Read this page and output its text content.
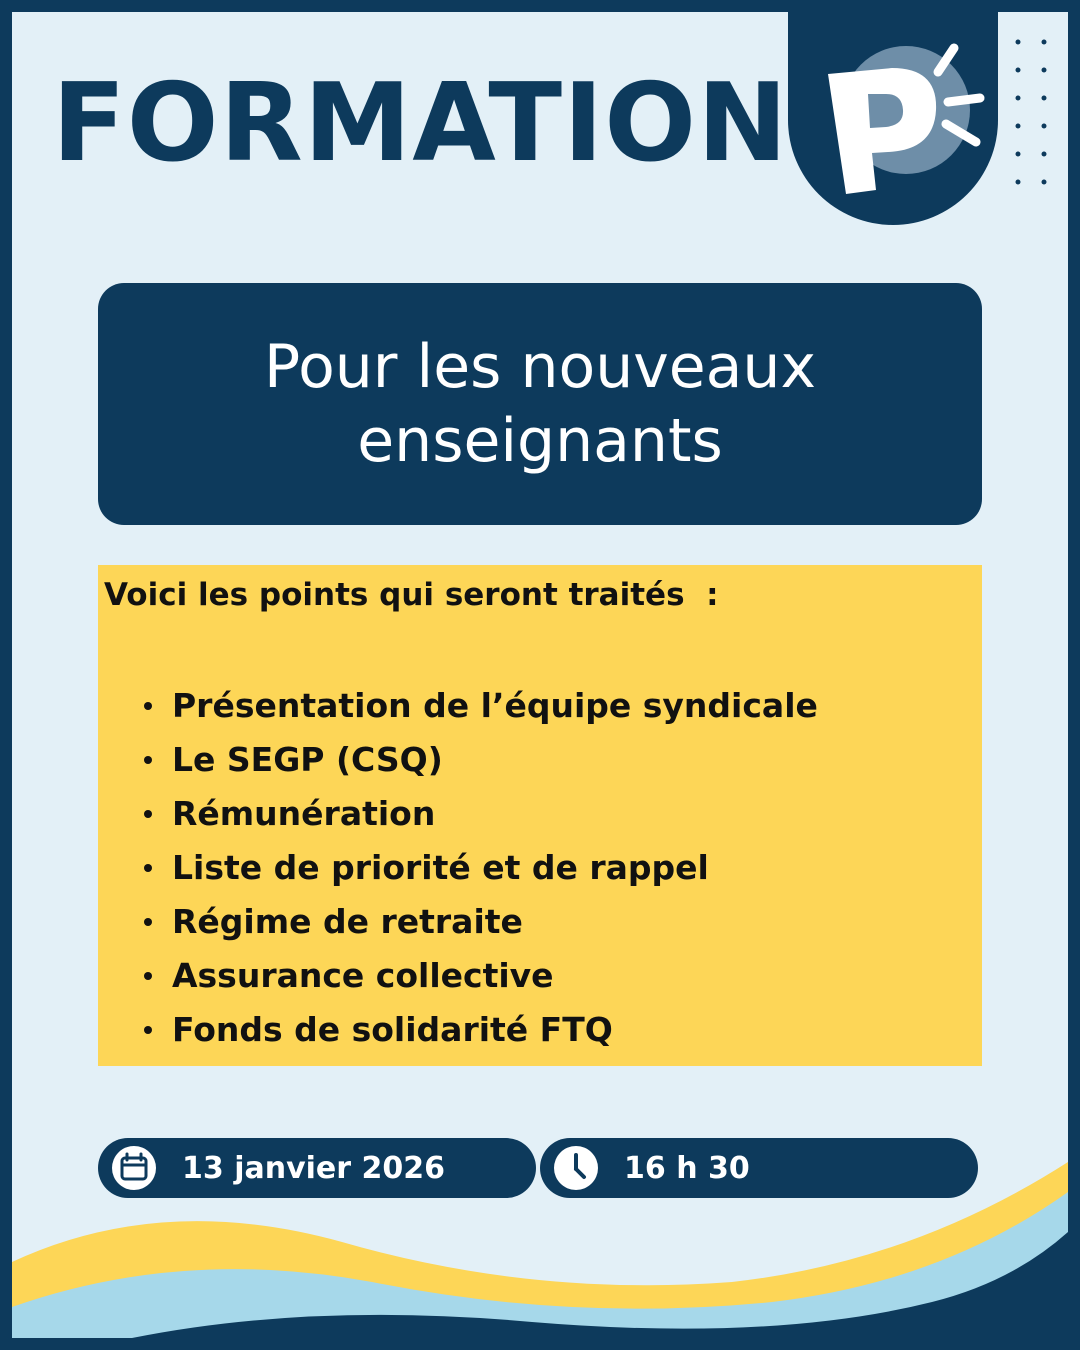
FORMATION
Pour les nouveaux
enseignants
Voici les points qui seront traités  :
Présentation de l’équipe syndicale
Le SEGP (CSQ)
Rémunération
Liste de priorité et de rappel
Régime de retraite
Assurance collective
Fonds de solidarité FTQ
13 janvier 2026	16 h 30
